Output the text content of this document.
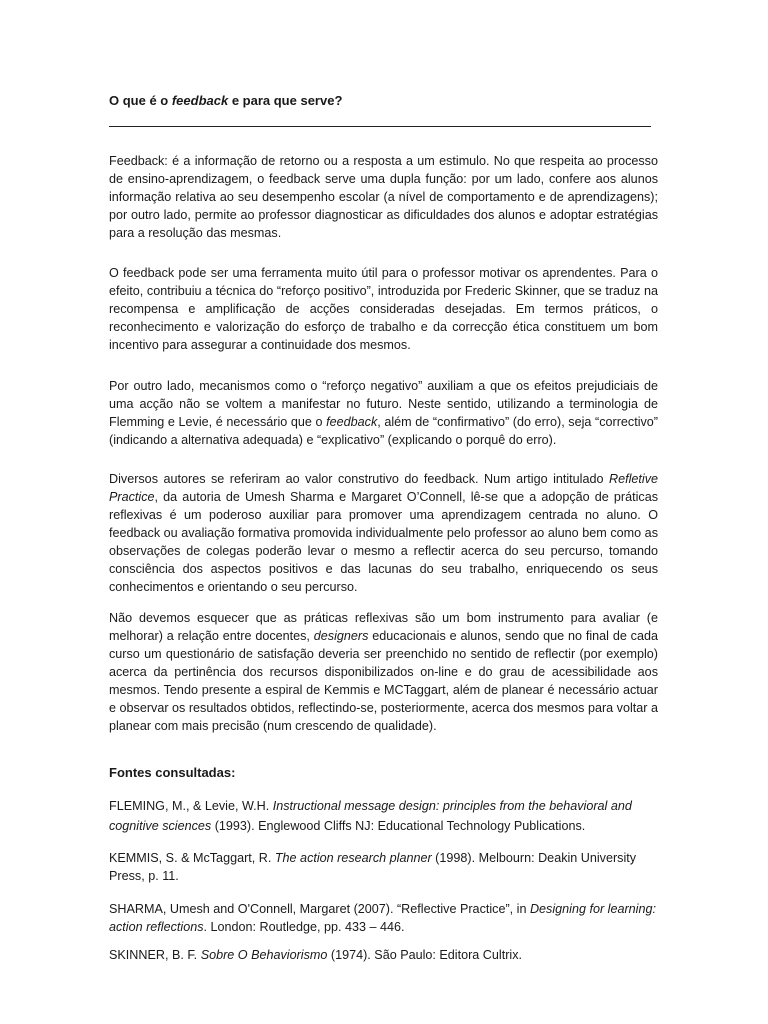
O que é o feedback e para que serve?

Feedback: é a informação de retorno ou a resposta a um estimulo. No que respeita ao processo de ensino-aprendizagem, o feedback serve uma dupla função: por um lado, confere aos alunos informação relativa ao seu desempenho escolar (a nível de comportamento e de aprendizagens); por outro lado, permite ao professor diagnosticar as dificuldades dos alunos e adoptar estratégias para a resolução das mesmas.

O feedback pode ser uma ferramenta muito útil para o professor motivar os aprendentes. Para o efeito, contribuiu a técnica do “reforço positivo”, introduzida por Frederic Skinner, que se traduz na recompensa e amplificação de acções consideradas desejadas. Em termos práticos, o reconhecimento e valorização do esforço de trabalho e da correcção ética constituem um bom incentivo para assegurar a continuidade dos mesmos.

Por outro lado, mecanismos como o “reforço negativo” auxiliam a que os efeitos prejudiciais de uma acção não se voltem a manifestar no futuro. Neste sentido, utilizando a terminologia de Flemming e Levie, é necessário que o feedback, além de “confirmativo” (do erro), seja “correctivo” (indicando a alternativa adequada) e “explicativo” (explicando o porquê do erro).

Diversos autores se referiram ao valor construtivo do feedback. Num artigo intitulado Refletive Practice, da autoria de Umesh Sharma e Margaret O’Connell, lê-se que a adopção de práticas reflexivas é um poderoso auxiliar para promover uma aprendizagem centrada no aluno. O feedback ou avaliação formativa promovida individualmente pelo professor ao aluno bem como as observações de colegas poderão levar o mesmo a reflectir acerca do seu percurso, tomando consciência dos aspectos positivos e das lacunas do seu trabalho, enriquecendo os seus conhecimentos e orientando o seu percurso.

Não devemos esquecer que as práticas reflexivas são um bom instrumento para avaliar (e melhorar) a relação entre docentes, designers educacionais e alunos, sendo que no final de cada curso um questionário de satisfação deveria ser preenchido no sentido de reflectir (por exemplo) acerca da pertinência dos recursos disponibilizados on-line e do grau de acessibilidade aos mesmos. Tendo presente a espiral de Kemmis e MCTaggart, além de planear é necessário actuar e observar os resultados obtidos, reflectindo-se, posteriormente, acerca dos mesmos para voltar a planear com mais precisão (num crescendo de qualidade).

Fontes consultadas:

FLEMING, M., & Levie, W.H. Instructional message design: principles from the behavioral and cognitive sciences (1993). Englewood Cliffs NJ: Educational Technology Publications.

KEMMIS, S. & McTaggart, R. The action research planner (1998). Melbourn: Deakin University Press, p. 11.

SHARMA, Umesh and O'Connell, Margaret (2007). “Reflective Practice”, in Designing for learning: action reflections. London: Routledge, pp. 433 – 446.

SKINNER, B. F. Sobre O Behaviorismo (1974). São Paulo: Editora Cultrix.
